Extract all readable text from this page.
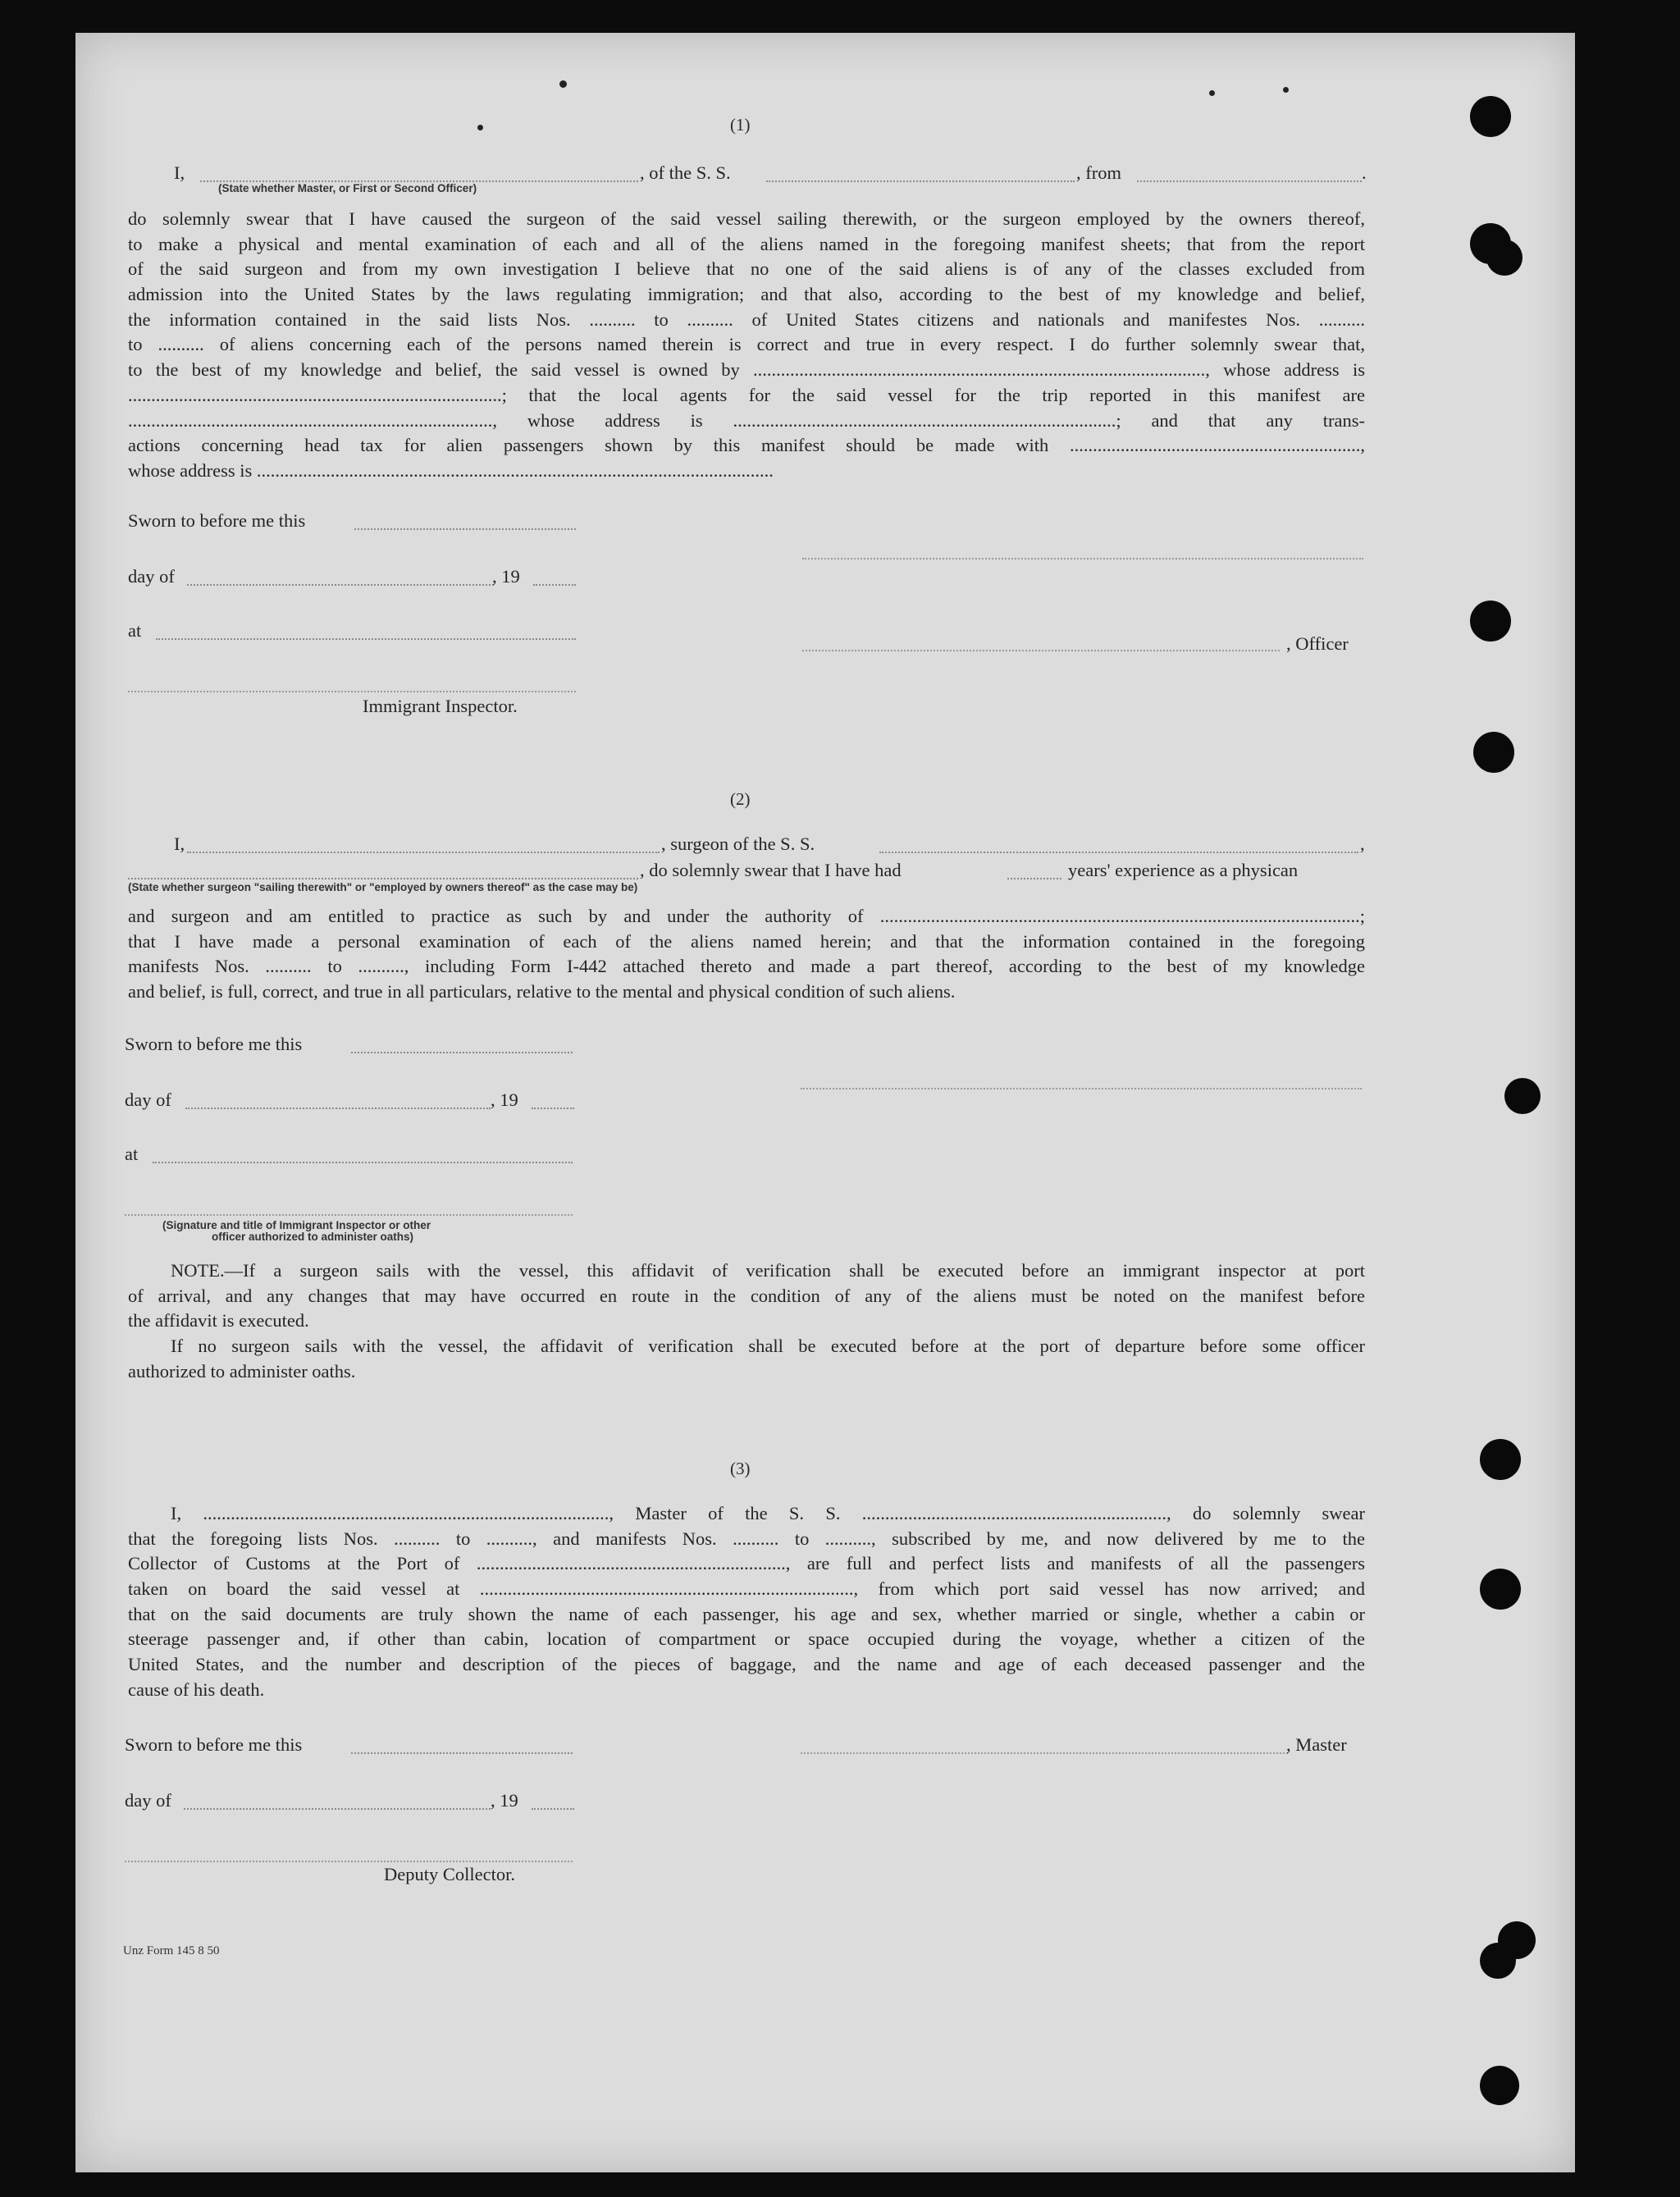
(1)
I,	, of the S. S.	, from	.
(State whether Master, or First or Second Officer)
do solemnly swear that I have caused the surgeon of the said vessel sailing therewith, or the surgeon employed by the owners thereof,
to make a physical and mental examination of each and all of the aliens named in the foregoing manifest sheets; that from the report
of the said surgeon and from my own investigation I believe that no one of the said aliens is of any of the classes excluded from
admission into the United States by the laws regulating immigration; and that also, according to the best of my knowledge and belief,
the information contained in the said lists Nos. .......... to .......... of United States citizens and nationals and manifestes Nos. ..........
to .......... of aliens concerning each of the persons named therein is correct and true in every respect. I do further solemnly swear that,
to the best of my knowledge and belief, the said vessel is owned by .................................................................................................., whose address is
.................................................................................; that the local agents for the said vessel for the trip reported in this manifest are
..............................................................................., whose address is ...................................................................................; and that any trans-
actions concerning head tax for alien passengers shown by this manifest should be made with ...............................................................,
whose address is ................................................................................................................
Sworn to before me this
day of	, 19
at
, Officer
Immigrant Inspector.
(2)
I,	, surgeon of the S. S.	,
, do solemnly swear that I have had	years' experience as a physican
(State whether surgeon "sailing therewith" or "employed by owners thereof" as the case may be)
and surgeon and am entitled to practice as such by and under the authority of ........................................................................................................;
that I have made a personal examination of each of the aliens named herein; and that the information contained in the foregoing
manifests Nos. .......... to .........., including Form I-442 attached thereto and made a part thereof, according to the best of my knowledge
and belief, is full, correct, and true in all particulars, relative to the mental and physical condition of such aliens.
Sworn to before me this
day of	, 19
at
(Signature and title of Immigrant Inspector or other
officer authorized to administer oaths)
NOTE.—If a surgeon sails with the vessel, this affidavit of verification shall be executed before an immigrant inspector at port
of arrival, and any changes that may have occurred en route in the condition of any of the aliens must be noted on the manifest before
the affidavit is executed.
If no surgeon sails with the vessel, the affidavit of verification shall be executed before at the port of departure before some officer
authorized to administer oaths.
(3)
I, ........................................................................................, Master of the S. S. .................................................................., do solemnly swear
that the foregoing lists Nos. .......... to .........., and manifests Nos. .......... to .........., subscribed by me, and now delivered by me to the
Collector of Customs at the Port of ..................................................................., are full and perfect lists and manifests of all the passengers
taken on board the said vessel at ................................................................................., from which port said vessel has now arrived; and
that on the said documents are truly shown the name of each passenger, his age and sex, whether married or single, whether a cabin or
steerage passenger and, if other than cabin, location of compartment or space occupied during the voyage, whether a citizen of the
United States, and the number and description of the pieces of baggage, and the name and age of each deceased passenger and the
cause of his death.
Sworn to before me this	, Master
day of	, 19
Deputy Collector.
Unz Form 145 8 50
